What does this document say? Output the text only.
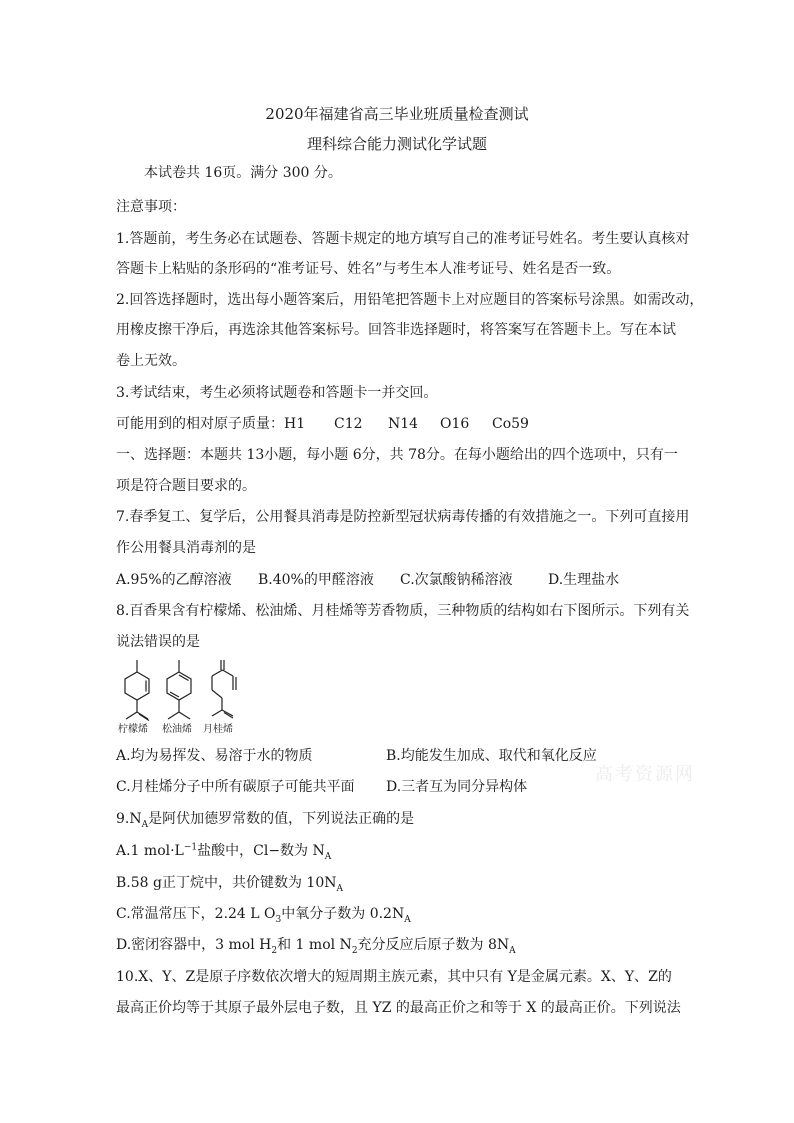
2020年福建省高三毕业班质量检查测试
理科综合能力测试化学试题
本试卷共 16页。满分 300 分。
注意事项：
1.答题前，考生务必在试题卷、答题卡规定的地方填写自己的准考证号姓名。考生要认真核对
答题卡上粘贴的条形码的“准考证号、姓名”与考生本人准考证号、姓名是否一致。
2.回答选择题时，选出每小题答案后，用铅笔把答题卡上对应题目的答案标号涂黑。如需改动，
用橡皮擦干净后，再选涂其他答案标号。回答非选择题时，将答案写在答题卡上。写在本试
卷上无效。
3.考试结束，考生必须将试题卷和答题卡一并交回。
可能用到的相对原子质量：H1 C12 N14 O16 Co59
一、选择题：本题共 13小题，每小题 6分，共 78分。在每小题给出的四个选项中，只有一
项是符合题目要求的。
7.春季复工、复学后，公用餐具消毒是防控新型冠状病毒传播的有效措施之一。下列可直接用
作公用餐具消毒剂的是
A.95%的乙醇溶液 B.40%的甲醛溶液 C.次氯酸钠稀溶液	D.生理盐水
8.百香果含有柠檬烯、松油烯、月桂烯等芳香物质，三种物质的结构如右下图所示。下列有关
说法错误的是
柠檬烯 松油烯 月桂烯
A.均为易挥发、易溶于水的物质	B.均能发生加成、取代和氧化反应
C.月桂烯分子中所有碳原子可能共平面 D.三者互为同分异构体
高考资源网
$9.N_A$是阿伏加德罗常数的值，下列说法正确的是
A.1 $mol\cdot L^{-1}$盐酸中，Cl−数为 $N_A$
B.58 g正丁烷中，共价键数为 $10N_A$
C.常温常压下，2.24 L $O_3$中氧分子数为 $0.2N_A$
D.密闭容器中，3 mol $H_2$和 1 mol $N_2$充分反应后原子数为 $8N_A$
10.X、Y、Z是原子序数依次增大的短周期主族元素，其中只有 Y是金属元素。X、Y、Z的
最高正价均等于其原子最外层电子数，且 YZ 的最高正价之和等于 X 的最高正价。下列说法
